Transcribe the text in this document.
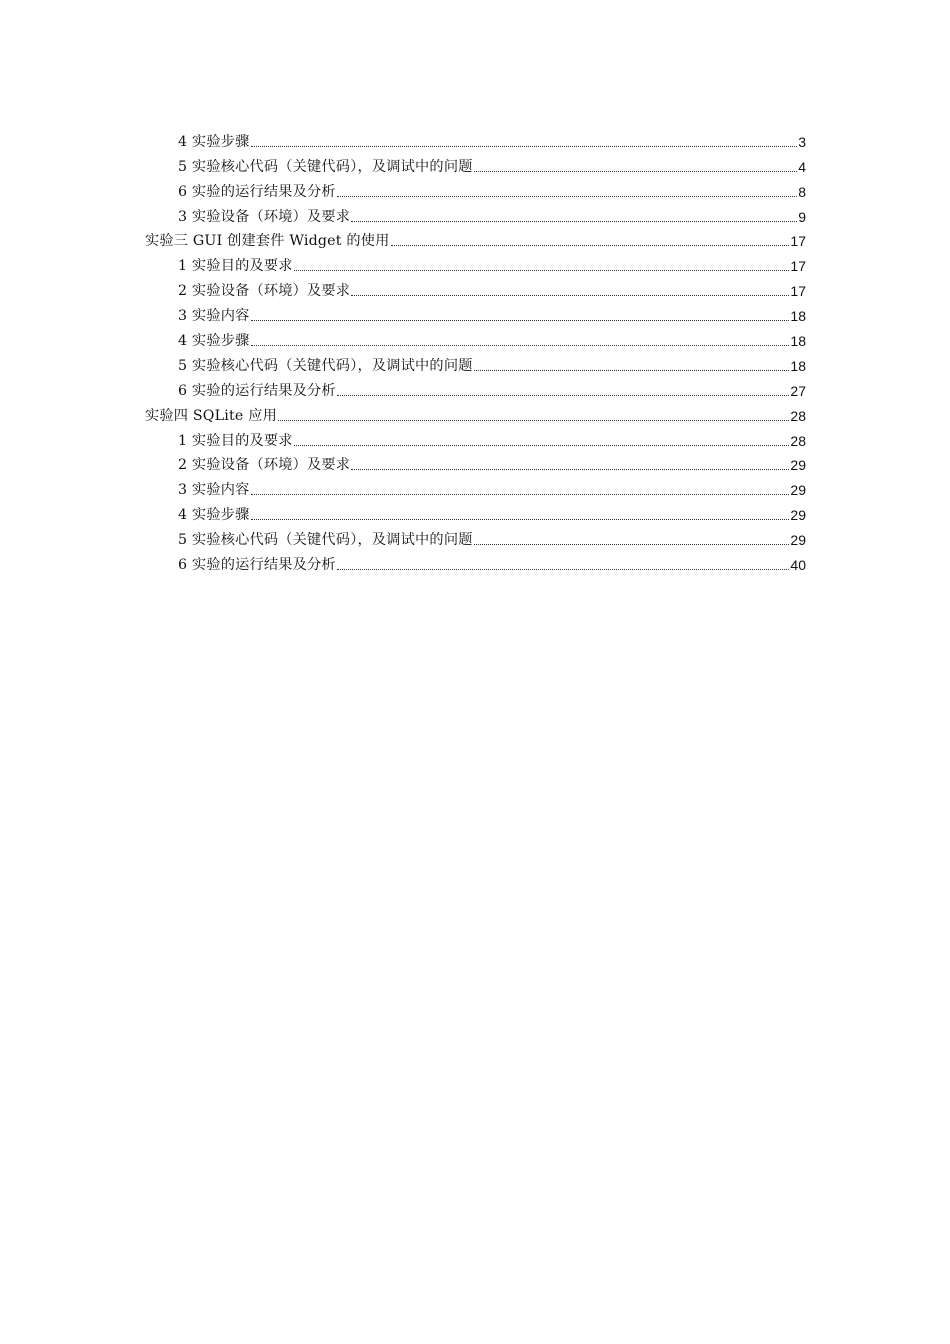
4 实验步骤	3
5 实验核心代码（关键代码），及调试中的问题	4
6 实验的运行结果及分析	8
3 实验设备（环境）及要求	9
实验三 GUI 创建套件 Widget 的使用	17
1 实验目的及要求	17
2 实验设备（环境）及要求	17
3 实验内容	18
4 实验步骤	18
5 实验核心代码（关键代码），及调试中的问题	18
6 实验的运行结果及分析	27
实验四 SQLite 应用	28
1 实验目的及要求	28
2 实验设备（环境）及要求	29
3 实验内容	29
4 实验步骤	29
5 实验核心代码（关键代码），及调试中的问题	29
6 实验的运行结果及分析	40
